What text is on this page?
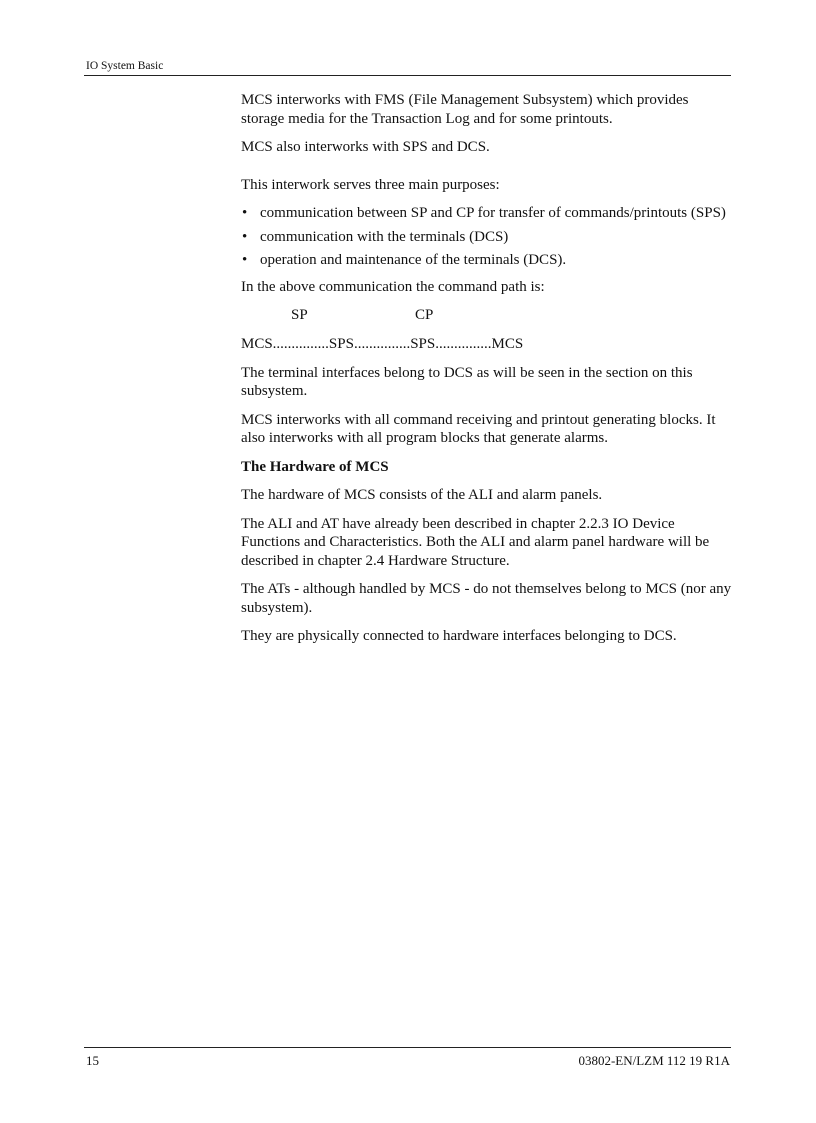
IO System Basic

MCS interworks with FMS (File Management Subsystem) which provides storage media for the Transaction Log and for some printouts.

MCS also interworks with SPS and DCS.

This interwork serves three main purposes:

• communication between SP and CP for transfer of commands/printouts (SPS)
• communication with the terminals (DCS)
• operation and maintenance of the terminals (DCS).

In the above communication the command path is:

SP	CP

MCS...............SPS...............SPS...............MCS

The terminal interfaces belong to DCS as will be seen in the section on this subsystem.

MCS interworks with all command receiving and printout generating blocks. It also interworks with all program blocks that generate alarms.

The Hardware of MCS

The hardware of MCS consists of the ALI and alarm panels.

The ALI and AT have already been described in chapter 2.2.3 IO Device Functions and Characteristics. Both the ALI and alarm panel hardware will be described in chapter 2.4 Hardware Structure.

The ATs - although handled by MCS - do not themselves belong to MCS (nor any subsystem).

They are physically connected to hardware interfaces belonging to DCS.

15	03802-EN/LZM 112 19 R1A
